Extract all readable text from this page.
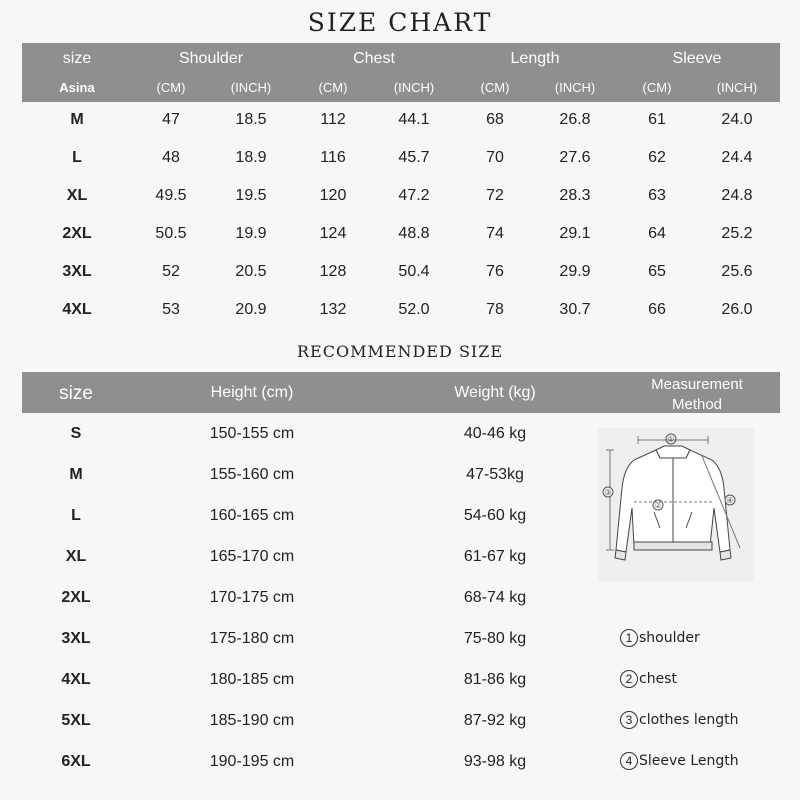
SIZE CHART
size	Shoulder	Chest	Length	Sleeve
Asina	(CM)	(INCH)	(CM)	(INCH)	(CM)	(INCH)	(CM)	(INCH)
M	47	18.5	112	44.1	68	26.8	61	24.0
L	48	18.9	116	45.7	70	27.6	62	24.4
XL	49.5	19.5	120	47.2	72	28.3	63	24.8
2XL	50.5	19.9	124	48.8	74	29.1	64	25.2
3XL	52	20.5	128	50.4	76	29.9	65	25.6
4XL	53	20.9	132	52.0	78	30.7	66	26.0
RECOMMENDED SIZE
size	Height (cm)	Weight (kg)	Measurement Method
S	150-155 cm	40-46 kg
M	155-160 cm	47-53kg
L	160-165 cm	54-60 kg
XL	165-170 cm	61-67 kg
2XL	170-175 cm	68-74 kg
3XL	175-180 cm	75-80 kg
4XL	180-185 cm	81-86 kg
5XL	185-190 cm	87-92 kg
6XL	190-195 cm	93-98 kg
①
②
③
④
1 shoulder
2 chest
3 clothes length
4 Sleeve Length
